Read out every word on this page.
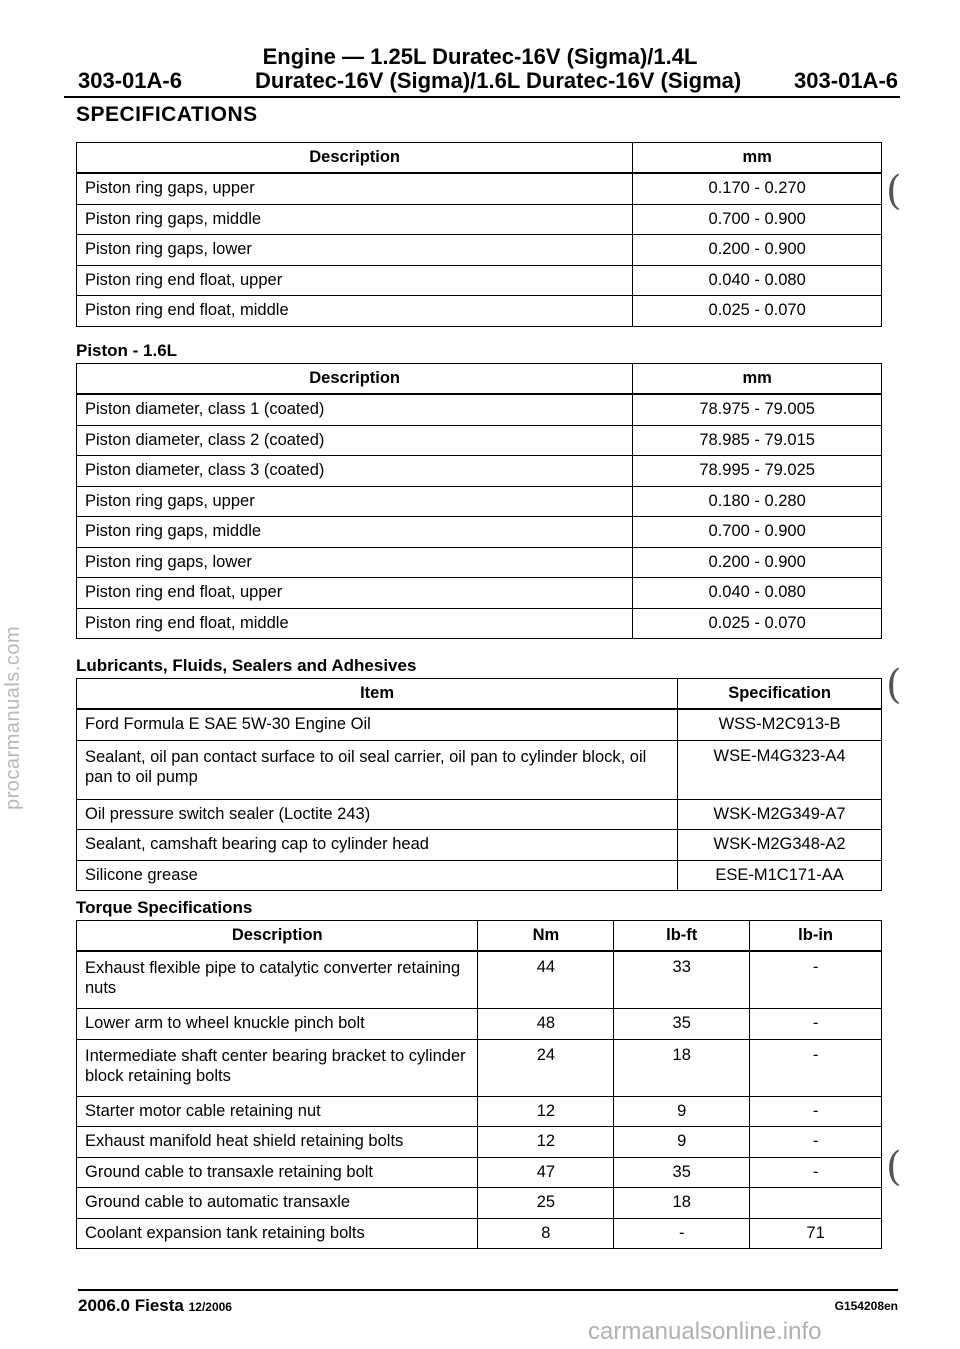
Engine — 1.25L Duratec-16V (Sigma)/1.4L
303-01A-6	Duratec-16V (Sigma)/1.6L Duratec-16V (Sigma) 303-01A-6
SPECIFICATIONS
Description	mm
Piston ring gaps, upper	0.170 - 0.270
Piston ring gaps, middle	0.700 - 0.900
Piston ring gaps, lower	0.200 - 0.900
Piston ring end float, upper	0.040 - 0.080
Piston ring end float, middle	0.025 - 0.070
Piston - 1.6L
Description	mm
Piston diameter, class 1 (coated)	78.975 - 79.005
Piston diameter, class 2 (coated)	78.985 - 79.015
Piston diameter, class 3 (coated)	78.995 - 79.025
Piston ring gaps, upper	0.180 - 0.280
Piston ring gaps, middle	0.700 - 0.900
Piston ring gaps, lower	0.200 - 0.900
Piston ring end float, upper	0.040 - 0.080
Piston ring end float, middle	0.025 - 0.070
Lubricants, Fluids, Sealers and Adhesives
Item	Specification
Ford Formula E SAE 5W-30 Engine Oil	WSS-M2C913-B
Sealant, oil pan contact surface to oil seal carrier, oil pan to cylinder block, oil pan to oil pump	WSE-M4G323-A4
Oil pressure switch sealer (Loctite 243)	WSK-M2G349-A7
Sealant, camshaft bearing cap to cylinder head	WSK-M2G348-A2
Silicone grease	ESE-M1C171-AA
Torque Specifications
Description	Nm	lb-ft	lb-in
Exhaust flexible pipe to catalytic converter retaining nuts	44	33	-
Lower arm to wheel knuckle pinch bolt	48	35	-
Intermediate shaft center bearing bracket to cylinder block retaining bolts	24	18	-
Starter motor cable retaining nut	12	9	-
Exhaust manifold heat shield retaining bolts	12	9	-
Ground cable to transaxle retaining bolt	47	35	-
Ground cable to automatic transaxle	25	18	
Coolant expansion tank retaining bolts	8	-	71
(
(
(
2006.0 Fiesta 12/2006	G154208en
procarmanuals.com
carmanualsonline.info
